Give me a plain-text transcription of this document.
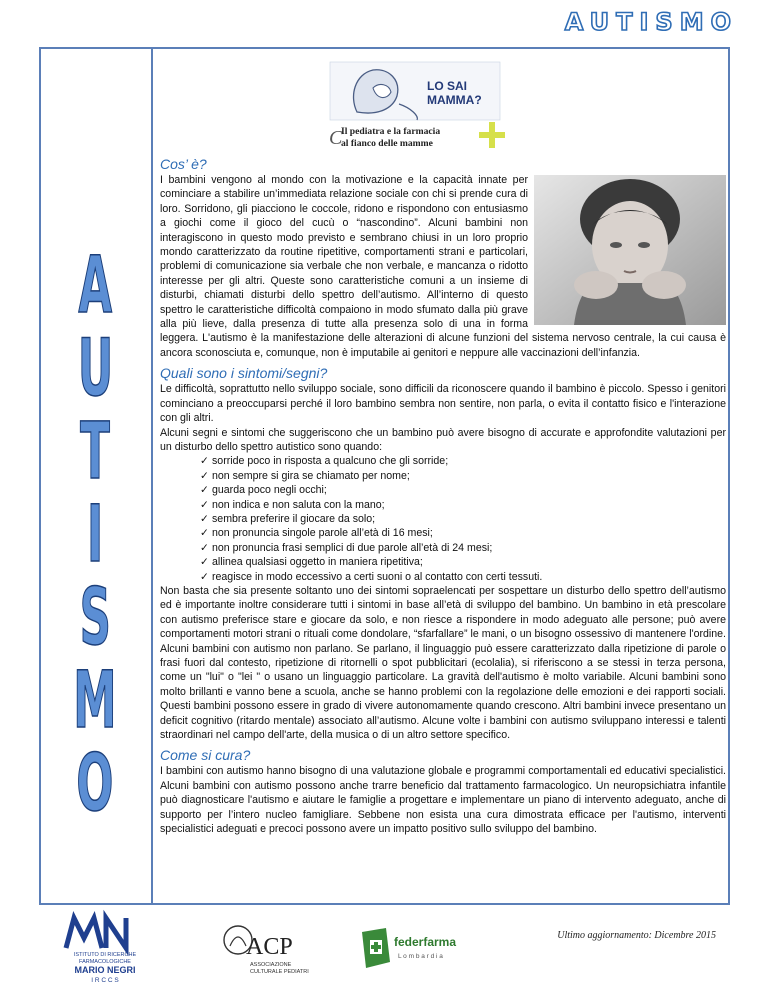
AUTISMO
A
U
T
I
S
M
O
LO SAI
MAMMA?
C
Il pediatra e la farmacia
al fianco delle mamme
Cos’ è?

I bambini vengono al mondo con la motivazione e la capacità innate per cominciare a stabilire un’immediata relazione sociale con chi si prende cura di loro. Sorridono, gli piacciono le coccole, ridono e rispondono con entusiasmo a giochi come il gioco del cucù o “nascondino”. Alcuni bambini non interagiscono in questo modo previsto e sembrano chiusi in un loro proprio mondo caratterizzato da routine ripetitive, comportamenti strani e particolari, problemi di comunicazione sia verbale che non verbale, e mancanza o ridotto interesse per gli altri. Queste sono caratteristiche comuni a un insieme di disturbi, chiamati disturbi dello spettro dell’autismo. All’interno di questo spettro le caratteristiche difficoltà compaiono in modo sfumato dalla più grave alla più lieve, dalla presenza di tutte alla presenza solo di una in forma leggera. L'autismo è la manifestazione delle alterazioni di alcune funzioni del sistema nervoso centrale, la cui causa è ancora sconosciuta e, comunque, non è imputabile ai genitori e neppure alle vaccinazioni dell’infanzia.

Quali sono i sintomi/segni?

Le difficoltà, soprattutto nello sviluppo sociale, sono difficili da riconoscere quando il bambino è piccolo. Spesso i genitori cominciano a preoccuparsi perché il loro bambino sembra non sentire, non parla, o evita il contatto fisico e l'interazione con gli altri.

Alcuni segni e sintomi che suggeriscono che un bambino può avere bisogno di accurate e approfondite valutazioni per un disturbo dello spettro autistico sono quando:

✓ sorride poco in risposta a qualcuno che gli sorride;
✓ non sempre si gira se chiamato per nome;
✓ guarda poco negli occhi;
✓ non indica e non saluta con la mano;
✓ sembra preferire il giocare da solo;
✓ non pronuncia singole parole all’età di 16 mesi;
✓ non pronuncia frasi semplici di due parole all’età di 24 mesi;
✓ allinea qualsiasi oggetto in maniera ripetitiva;
✓ reagisce in modo eccessivo a certi suoni o al contatto con certi tessuti.

Non basta che sia presente soltanto uno dei sintomi sopraelencati per sospettare un disturbo dello spettro dell’autismo ed è importante inoltre considerare tutti i sintomi in base all’età di sviluppo del bambino. Un bambino in età prescolare con autismo preferisce stare e giocare da solo, e non riesce a rispondere in modo adeguato alle persone; può avere comportamenti motori strani o rituali come dondolare, “sfarfallare” le mani, o un bisogno ossessivo di mantenere l'ordine. Alcuni bambini con autismo non parlano. Se parlano, il linguaggio può essere caratterizzato dalla ripetizione di parole o frasi fuori dal contesto, ripetizione di ritornelli o spot pubblicitari (ecolalia), si riferiscono a se stessi in terza persona, come un "lui" o "lei " o usano un linguaggio particolare. La gravità dell'autismo è molto variabile. Alcuni bambini sono molto brillanti e vanno bene a scuola, anche se hanno problemi con la regolazione delle emozioni e dei rapporti sociali. Questi bambini possono essere in grado di vivere autonomamente quando crescono. Altri bambini invece presentano un deficit cognitivo (ritardo mentale) associato all’autismo. Alcune volte i bambini con autismo sviluppano interessi e talenti straordinari nel campo dell'arte, della musica o di un altro settore specifico.

Come si cura?

I bambini con autismo hanno bisogno di una valutazione globale e programmi comportamentali ed educativi specialistici. Alcuni bambini con autismo possono anche trarre beneficio dal trattamento farmacologico. Un neuropsichiatra infantile può diagnosticare l'autismo e aiutare le famiglie a progettare e implementare un piano di intervento adeguato, anche di supporto per l’intero nucleo famigliare. Sebbene non esista una cura dimostrata efficace per l'autismo, interventi specialistici adeguati e precoci possono avere un impatto positivo sullo sviluppo del bambino.

ISTITUTO DI RICERCHE
FARMACOLOGICHE
MARIO NEGRI
I R C C S
ACP
ASSOCIAZIONE
CULTURALE PEDIATRI
federfarma
L o m b a r d i a
Ultimo aggiornamento: Dicembre 2015
